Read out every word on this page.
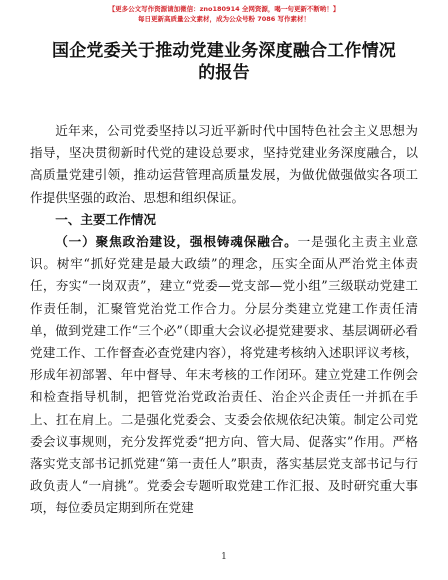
【更多公文写作资源请加微信：zno180914 全网资源，喝一句更新不断哟！】
每日更新高质量公文素材，成为公众号粉 7086 写作素材！
国企党委关于推动党建业务深度融合工作情况
的报告

近年来，公司党委坚持以习近平新时代中国特色社会主义思想为指导，坚决贯彻新时代党的建设总要求，坚持党建业务深度融合，以高质量党建引领，推动运营管理高质量发展，为做优做强做实各项工作提供坚强的政治、思想和组织保证。

一、主要工作情况

（一）聚焦政治建设，强根铸魂保融合。一是强化主责主业意识。树牢“抓好党建是最大政绩”的理念，压实全面从严治党主体责任，夯实“一岗双责”，建立“党委—党支部—党小组”三级联动党建工作责任制，汇聚管党治党工作合力。分层分类建立党建工作责任清单，做到党建工作“三个必”（即重大会议必提党建要求、基层调研必看党建工作、工作督查必查党建内容），将党建考核纳入述职评议考核，形成年初部署、年中督导、年末考核的工作闭环。建立党建工作例会和检查指导机制，把管党治党政治责任、治企兴企责任一并抓在手上、扛在肩上。二是强化党委会、支委会依规依纪决策。制定公司党委会议事规则，充分发挥党委“把方向、管大局、促落实”作用。严格落实党支部书记抓党建“第一责任人”职责，落实基层党支部书记与行政负责人“一肩挑”。党委会专题听取党建工作汇报、及时研究重大事项，每位委员定期到所在党建

1
